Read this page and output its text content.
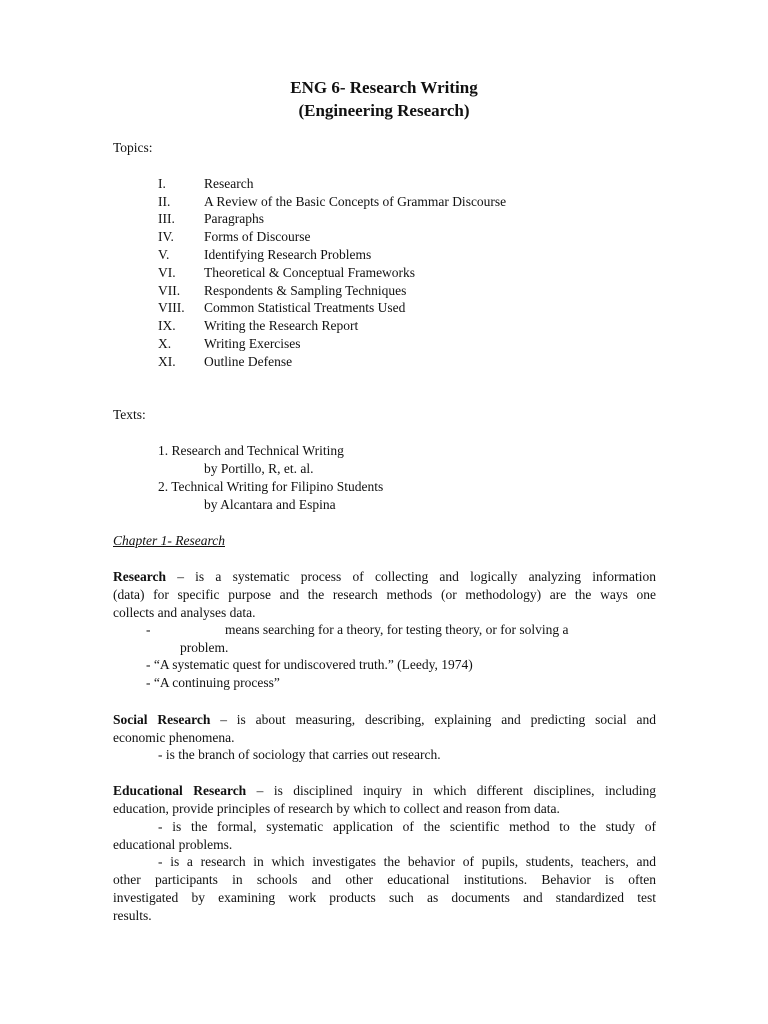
ENG 6- Research Writing
(Engineering Research)
Topics:
I.	Research
II. A Review of the Basic Concepts of Grammar Discourse
III. Paragraphs
IV. Forms of Discourse
V.	Identifying Research Problems
VI. Theoretical & Conceptual Frameworks
VII. Respondents & Sampling Techniques
VIII. Common Statistical Treatments Used
IX. Writing the Research Report
X. Writing Exercises
XI. Outline Defense
Texts:
1. Research and Technical Writing
by Portillo, R, et. al.
2. Technical Writing for Filipino Students
by Alcantara and Espina
Chapter 1- Research
Research – is a systematic process of collecting and logically analyzing information
(data) for specific purpose and the research methods (or methodology) are the ways one
collects and analyses data.
-	means searching for a theory, for testing theory, or for solving a
problem.
- “A systematic quest for undiscovered truth.” (Leedy, 1974)
- “A continuing process”
Social Research – is about measuring, describing, explaining and predicting social and
economic phenomena.
- is the branch of sociology that carries out research.
Educational Research – is disciplined inquiry in which different disciplines, including
education, provide principles of research by which to collect and reason from data.
- is the formal, systematic application of the scientific method to the study of
educational problems.
- is a research in which investigates the behavior of pupils, students, teachers, and
other participants in schools and other educational institutions. Behavior is often
investigated by examining work products such as documents and standardized test
results.
